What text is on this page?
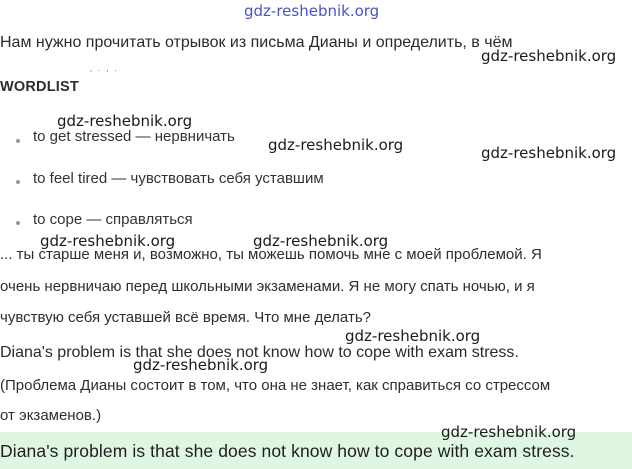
gdz-reshebnik.org
Нам нужно прочитать отрывок из письма Дианы и определить, в чём
‚ . ‚ .
gdz-reshebnik.org
WORDLIST
gdz-reshebnik.org
to get stressed — нервничать gdz-reshebnik.org	gdz-reshebnik.org
to feel tired — чувствовать себя уставшим
to cope — справляться
gdz-reshebnik.org	gdz-reshebnik.org
... ты старше меня и, возможно, ты можешь помочь мне с моей проблемой. Я
очень нервничаю перед школьными экзаменами. Я не могу спать ночью, и я
чувствую себя уставшей всё время. Что мне делать?
gdz-reshebnik.org
Diana's problem is that she does not know how to cope with exam stress.
gdz-reshebnik.org
(Проблема Дианы состоит в том, что она не знает, как справиться со стрессом
от экзаменов.)
gdz-reshebnik.org
Diana's problem is that she does not know how to cope with exam stress.
